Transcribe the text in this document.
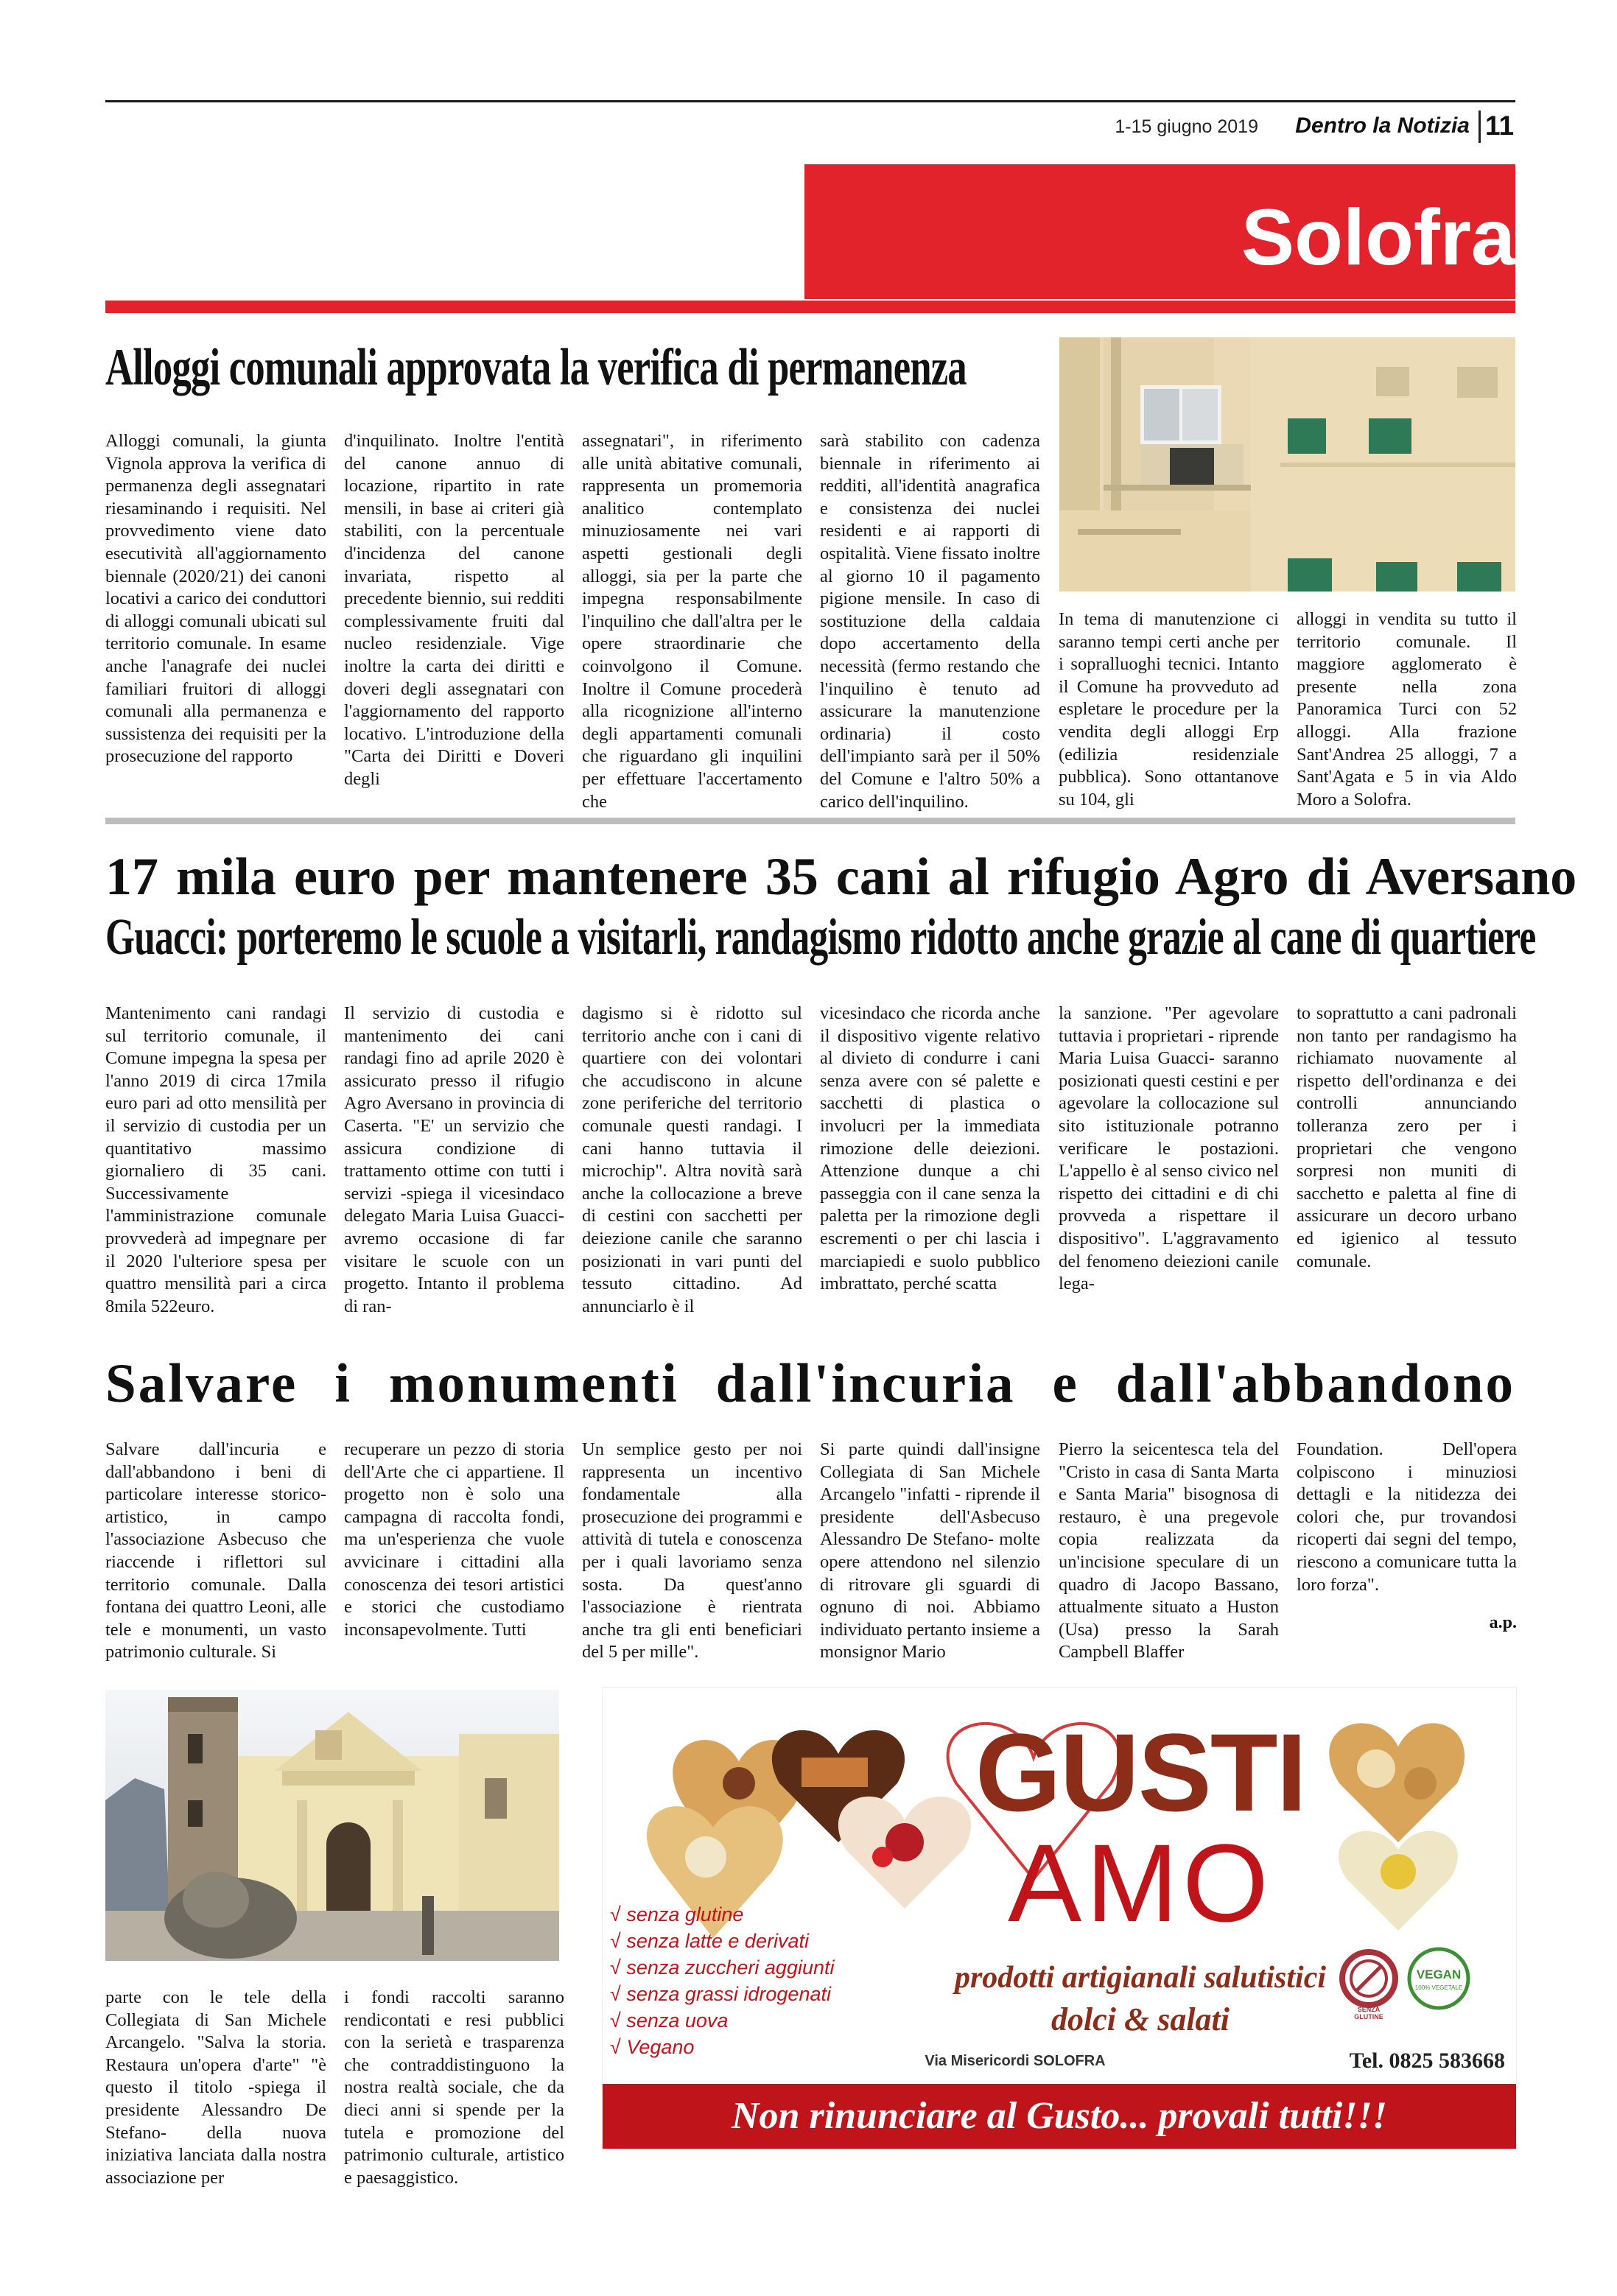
1-15 giugno 2019	Dentro la Notizia 11
Solofra
Alloggi comunali approvata la verifica di permanenza
Alloggi comunali, la giunta Vignola approva la verifica di permanenza degli assegnatari riesaminando i requisiti. Nel provvedimento viene dato esecutività all'aggiornamento biennale (2020/21) dei canoni locativi a carico dei conduttori di alloggi comunali ubicati sul territorio comunale. In esame anche l'anagrafe dei nuclei familiari fruitori di alloggi comunali alla permanenza e sussistenza dei requisiti per la prosecuzione del rapporto
d'inquilinato. Inoltre l'entità del canone annuo di locazione, ripartito in rate mensili, in base ai criteri già stabiliti, con la percentuale d'incidenza del canone invariata, rispetto al precedente biennio, sui redditi complessivamente fruiti dal nucleo residenziale. Vige inoltre la carta dei diritti e doveri degli assegnatari con l'aggiornamento del rapporto locativo. L'introduzione della "Carta dei Diritti e Doveri degli
assegnatari", in riferimento alle unità abitative comunali, rappresenta un promemoria analitico contemplato minuziosamente nei vari aspetti gestionali degli alloggi, sia per la parte che impegna responsabilmente l'inquilino che dall'altra per le opere straordinarie che coinvolgono il Comune. Inoltre il Comune procederà alla ricognizione all'interno degli appartamenti comunali che riguardano gli inquilini per effettuare l'accertamento che
sarà stabilito con cadenza biennale in riferimento ai redditi, all'identità anagrafica e consistenza dei nuclei residenti e ai rapporti di ospitalità. Viene fissato inoltre al giorno 10 il pagamento pigione mensile. In caso di sostituzione della caldaia dopo accertamento della necessità (fermo restando che l'inquilino è tenuto ad assicurare la manutenzione ordinaria) il costo dell'impianto sarà per il 50% del Comune e l'altro 50% a carico dell'inquilino.
In tema di manutenzione ci saranno tempi certi anche per i sopralluoghi tecnici. Intanto il Comune ha provveduto ad espletare le procedure per la vendita degli alloggi Erp (edilizia residenziale pubblica). Sono ottantanove su 104, gli
alloggi in vendita su tutto il territorio comunale. Il maggiore agglomerato è presente nella zona Panoramica Turci con 52 alloggi. Alla frazione Sant'Andrea 25 alloggi, 7 a Sant'Agata e 5 in via Aldo Moro a Solofra.
17 mila euro per mantenere 35 cani al rifugio Agro di Aversano
Guacci: porteremo le scuole a visitarli, randagismo ridotto anche grazie al cane di quartiere
Mantenimento cani randagi sul territorio comunale, il Comune impegna la spesa per l'anno 2019 di circa 17mila euro pari ad otto mensilità per il servizio di custodia per un quantitativo massimo giornaliero di 35 cani. Successivamente l'amministrazione comunale provvederà ad impegnare per il 2020 l'ulteriore spesa per quattro mensilità pari a circa 8mila 522euro.
Il servizio di custodia e mantenimento dei cani randagi fino ad aprile 2020 è assicurato presso il rifugio Agro Aversano in provincia di Caserta. "E' un servizio che assicura condizione di trattamento ottime con tutti i servizi -spiega il vicesindaco delegato Maria Luisa Guacci- avremo occasione di far visitare le scuole con un progetto. Intanto il problema di ran-
dagismo si è ridotto sul territorio anche con i cani di quartiere con dei volontari che accudiscono in alcune zone periferiche del territorio comunale questi randagi. I cani hanno tuttavia il microchip". Altra novità sarà anche la collocazione a breve di cestini con sacchetti per deiezione canile che saranno posizionati in vari punti del tessuto cittadino. Ad annunciarlo è il
vicesindaco che ricorda anche il dispositivo vigente relativo al divieto di condurre i cani senza avere con sé palette e sacchetti di plastica o involucri per la immediata rimozione delle deiezioni. Attenzione dunque a chi passeggia con il cane senza la paletta per la rimozione degli escrementi o per chi lascia i marciapiedi e suolo pubblico imbrattato, perché scatta
la sanzione. "Per agevolare tuttavia i proprietari - riprende Maria Luisa Guacci- saranno posizionati questi cestini e per agevolare la collocazione sul sito istituzionale potranno verificare le postazioni. L'appello è al senso civico nel rispetto dei cittadini e di chi provveda a rispettare il dispositivo". L'aggravamento del fenomeno deiezioni canile lega-
to soprattutto a cani padronali non tanto per randagismo ha richiamato nuovamente al rispetto dell'ordinanza e dei controlli annunciando tolleranza zero per i proprietari che vengono sorpresi non muniti di sacchetto e paletta al fine di assicurare un decoro urbano ed igienico al tessuto comunale.
Salvare i monumenti dall'incuria e dall'abbandono
Salvare dall'incuria e dall'abbandono i beni di particolare interesse storico-artistico, in campo l'associazione Asbecuso che riaccende i riflettori sul territorio comunale. Dalla fontana dei quattro Leoni, alle tele e monumenti, un vasto patrimonio culturale. Si
recuperare un pezzo di storia dell'Arte che ci appartiene. Il progetto non è solo una campagna di raccolta fondi, ma un'esperienza che vuole avvicinare i cittadini alla conoscenza dei tesori artistici e storici che custodiamo inconsapevolmente. Tutti
Un semplice gesto per noi rappresenta un incentivo fondamentale alla prosecuzione dei programmi e attività di tutela e conoscenza per i quali lavoriamo senza sosta. Da quest'anno l'associazione è rientrata anche tra gli enti beneficiari del 5 per mille".
Si parte quindi dall'insigne Collegiata di San Michele Arcangelo "infatti - riprende il presidente dell'Asbecuso Alessandro De Stefano- molte opere attendono nel silenzio di ritrovare gli sguardi di ognuno di noi. Abbiamo individuato pertanto insieme a monsignor Mario
Pierro la seicentesca tela del "Cristo in casa di Santa Marta e Santa Maria" bisognosa di restauro, è una pregevole copia realizzata da un'incisione speculare di un quadro di Jacopo Bassano, attualmente situato a Huston (Usa) presso la Sarah Campbell Blaffer
Foundation. Dell'opera colpiscono i minuziosi dettagli e la nitidezza dei colori che, pur trovandosi ricoperti dai segni del tempo, riescono a comunicare tutta la loro forza".
a.p.
parte con le tele della Collegiata di San Michele Arcangelo. "Salva la storia. Restaura un'opera d'arte" "è questo il titolo -spiega il presidente Alessandro De Stefano- della nuova iniziativa lanciata dalla nostra associazione per
i fondi raccolti saranno rendicontati e resi pubblici con la serietà e trasparenza che contraddistinguono la nostra realtà sociale, che da dieci anni si spende per la tutela e promozione del patrimonio culturale, artistico e paesaggistico.
GUSTI
AMO
√ senza glutine
√ senza latte e derivati
√ senza zuccheri aggiunti
√ senza grassi idrogenati
√ senza uova
√ Vegano
prodotti artigianali salutistici
dolci & salati
Via Misericordi SOLOFRA	Tel. 0825 583668
Non rinunciare al Gusto... provali tutti!!!
SENZA GLUTINE
VEGAN
100% VEGETALE
